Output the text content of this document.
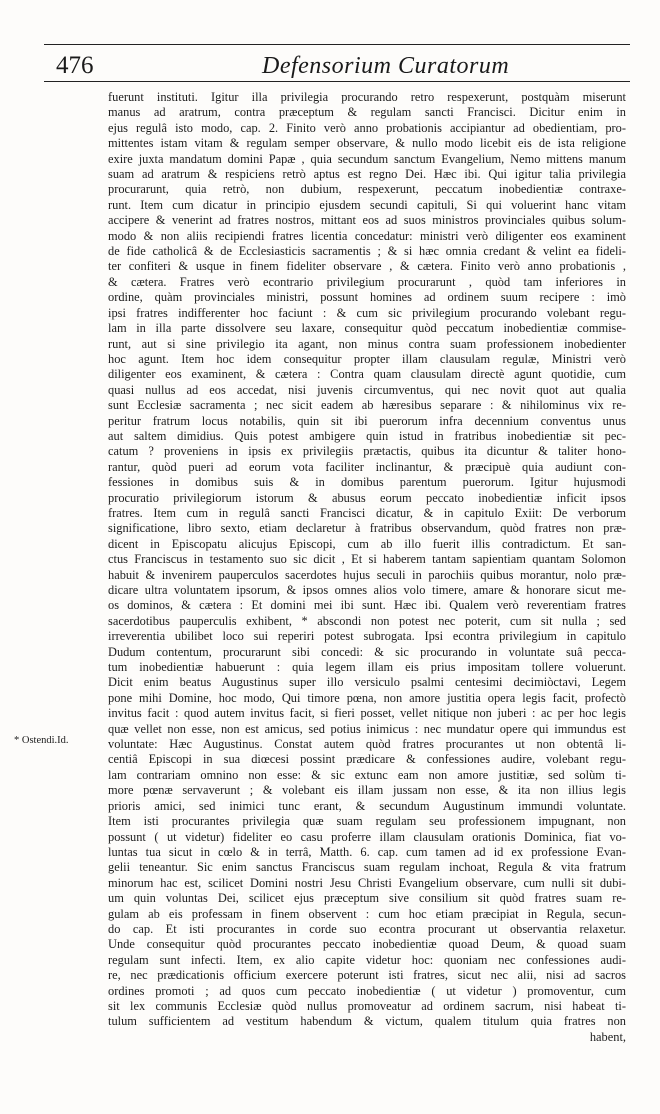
476	Defensorium Curatorum
* Ostendi.Id.
fuerunt instituti. Igitur illa privilegia procurando retro respexerunt, postquàm miserunt
manus ad aratrum, contra præceptum & regulam sancti Francisci. Dicitur enim in
ejus regulâ isto modo, cap. 2. Finito verò anno probationis accipiantur ad obedientiam, pro-
mittentes istam vitam & regulam semper observare, & nullo modo licebit eis de ista religione
exire juxta mandatum domini Papæ , quia secundum sanctum Evangelium, Nemo mittens manum
suam ad aratrum & respiciens retrò aptus est regno Dei. Hæc ibi. Qui igitur talia privilegia
procurarunt, quia retrò, non dubium, respexerunt, peccatum inobedientiæ contraxe-
runt. Item cum dicatur in principio ejusdem secundi capituli, Si qui voluerint hanc vitam
accipere & venerint ad fratres nostros, mittant eos ad suos ministros provinciales quibus solum-
modo & non aliis recipiendi fratres licentia concedatur: ministri verò diligenter eos examinent
de fide catholicâ & de Ecclesiasticis sacramentis ; & si hæc omnia credant & velint ea fideli-
ter confiteri & usque in finem fideliter observare , & cætera. Finito verò anno probationis ,
& cætera. Fratres verò econtrario privilegium procurarunt , quòd tam inferiores in
ordine, quàm provinciales ministri, possunt homines ad ordinem suum recipere : imò
ipsi fratres indifferenter hoc faciunt : & cum sic privilegium procurando volebant regu-
lam in illa parte dissolvere seu laxare, consequitur quòd peccatum inobedientiæ commise-
runt, aut si sine privilegio ita agant, non minus contra suam professionem inobedienter
hoc agunt. Item hoc idem consequitur propter illam clausulam regulæ, Ministri verò
diligenter eos examinent, & cætera : Contra quam clausulam directè agunt quotidie, cum
quasi nullus ad eos accedat, nisi juvenis circumventus, qui nec novit quot aut qualia
sunt Ecclesiæ sacramenta ; nec sicit eadem ab hæresibus separare : & nihilominus vix re-
peritur fratrum locus notabilis, quin sit ibi puerorum infra decennium conventus unus
aut saltem dimidius. Quis potest ambigere quin istud in fratribus inobedientiæ sit pec-
catum ? proveniens in ipsis ex privilegiis prætactis, quibus ita dicuntur & taliter hono-
rantur, quòd pueri ad eorum vota faciliter inclinantur, & præcipuè quia audiunt con-
fessiones in domibus suis & in domibus parentum puerorum. Igitur hujusmodi
procuratio privilegiorum istorum & abusus eorum peccato inobedientiæ inficit ipsos
fratres. Item cum in regulâ sancti Francisci dicatur, & in capitulo Exiit: De verborum
significatione, libro sexto, etiam declaretur à fratribus observandum, quòd fratres non præ-
dicent in Episcopatu alicujus Episcopi, cum ab illo fuerit illis contradictum. Et san-
ctus Franciscus in testamento suo sic dicit , Et si haberem tantam sapientiam quantam Solomon
habuit & invenirem pauperculos sacerdotes hujus seculi in parochiis quibus morantur, nolo præ-
dicare ultra voluntatem ipsorum, & ipsos omnes alios volo timere, amare & honorare sicut me-
os dominos, & cætera : Et domini mei ibi sunt. Hæc ibi. Qualem verò reverentiam fratres
sacerdotibus pauperculis exhibent, * abscondi non potest nec poterit, cum sit nulla ; sed
irreverentia ubilibet loco sui reperiri potest subrogata. Ipsi econtra privilegium in capitulo
Dudum contentum, procurarunt sibi concedi: & sic procurando in voluntate suâ pecca-
tum inobedientiæ habuerunt : quia legem illam eis prius impositam tollere voluerunt.
Dicit enim beatus Augustinus super illo versiculo psalmi centesimi decimiòctavi, Legem
pone mihi Domine, hoc modo, Qui timore pœna, non amore justitia opera legis facit, profectò
invitus facit : quod autem invitus facit, si fieri posset, vellet nitique non juberi : ac per hoc legis
quæ vellet non esse, non est amicus, sed potius inimicus : nec mundatur opere qui immundus est
voluntate: Hæc Augustinus. Constat autem quòd fratres procurantes ut non obtentâ li-
centiâ Episcopi in sua diœcesi possint prædicare & confessiones audire, volebant regu-
lam contrariam omnino non esse: & sic extunc eam non amore justitiæ, sed solùm ti-
more pœnæ servaverunt ; & volebant eis illam jussam non esse, & ita non illius legis
prioris amici, sed inimici tunc erant, & secundum Augustinum immundi voluntate.
Item isti procurantes privilegia quæ suam regulam seu professionem impugnant, non
possunt ( ut videtur) fideliter eo casu proferre illam clausulam orationis Dominica, fiat vo-
luntas tua sicut in cœlo & in terrâ, Matth. 6. cap. cum tamen ad id ex professione Evan-
gelii teneantur. Sic enim sanctus Franciscus suam regulam inchoat, Regula & vita fratrum
minorum hac est, scilicet Domini nostri Jesu Christi Evangelium observare, cum nulli sit dubi-
um quin voluntas Dei, scilicet ejus præceptum sive consilium sit quòd fratres suam re-
gulam ab eis professam in finem observent : cum hoc etiam præcipiat in Regula, secun-
do cap. Et isti procurantes in corde suo econtra procurant ut observantia relaxetur.
Unde consequitur quòd procurantes peccato inobedientiæ quoad Deum, & quoad suam
regulam sunt infecti. Item, ex alio capite videtur hoc: quoniam nec confessiones audi-
re, nec prædicationis officium exercere poterunt isti fratres, sicut nec alii, nisi ad sacros
ordines promoti ; ad quos cum peccato inobedientiæ ( ut videtur ) promoventur, cum
sit lex communis Ecclesiæ quòd nullus promoveatur ad ordinem sacrum, nisi habeat ti-
tulum sufficientem ad vestitum habendum & victum, qualem titulum quia fratres non
habent,
